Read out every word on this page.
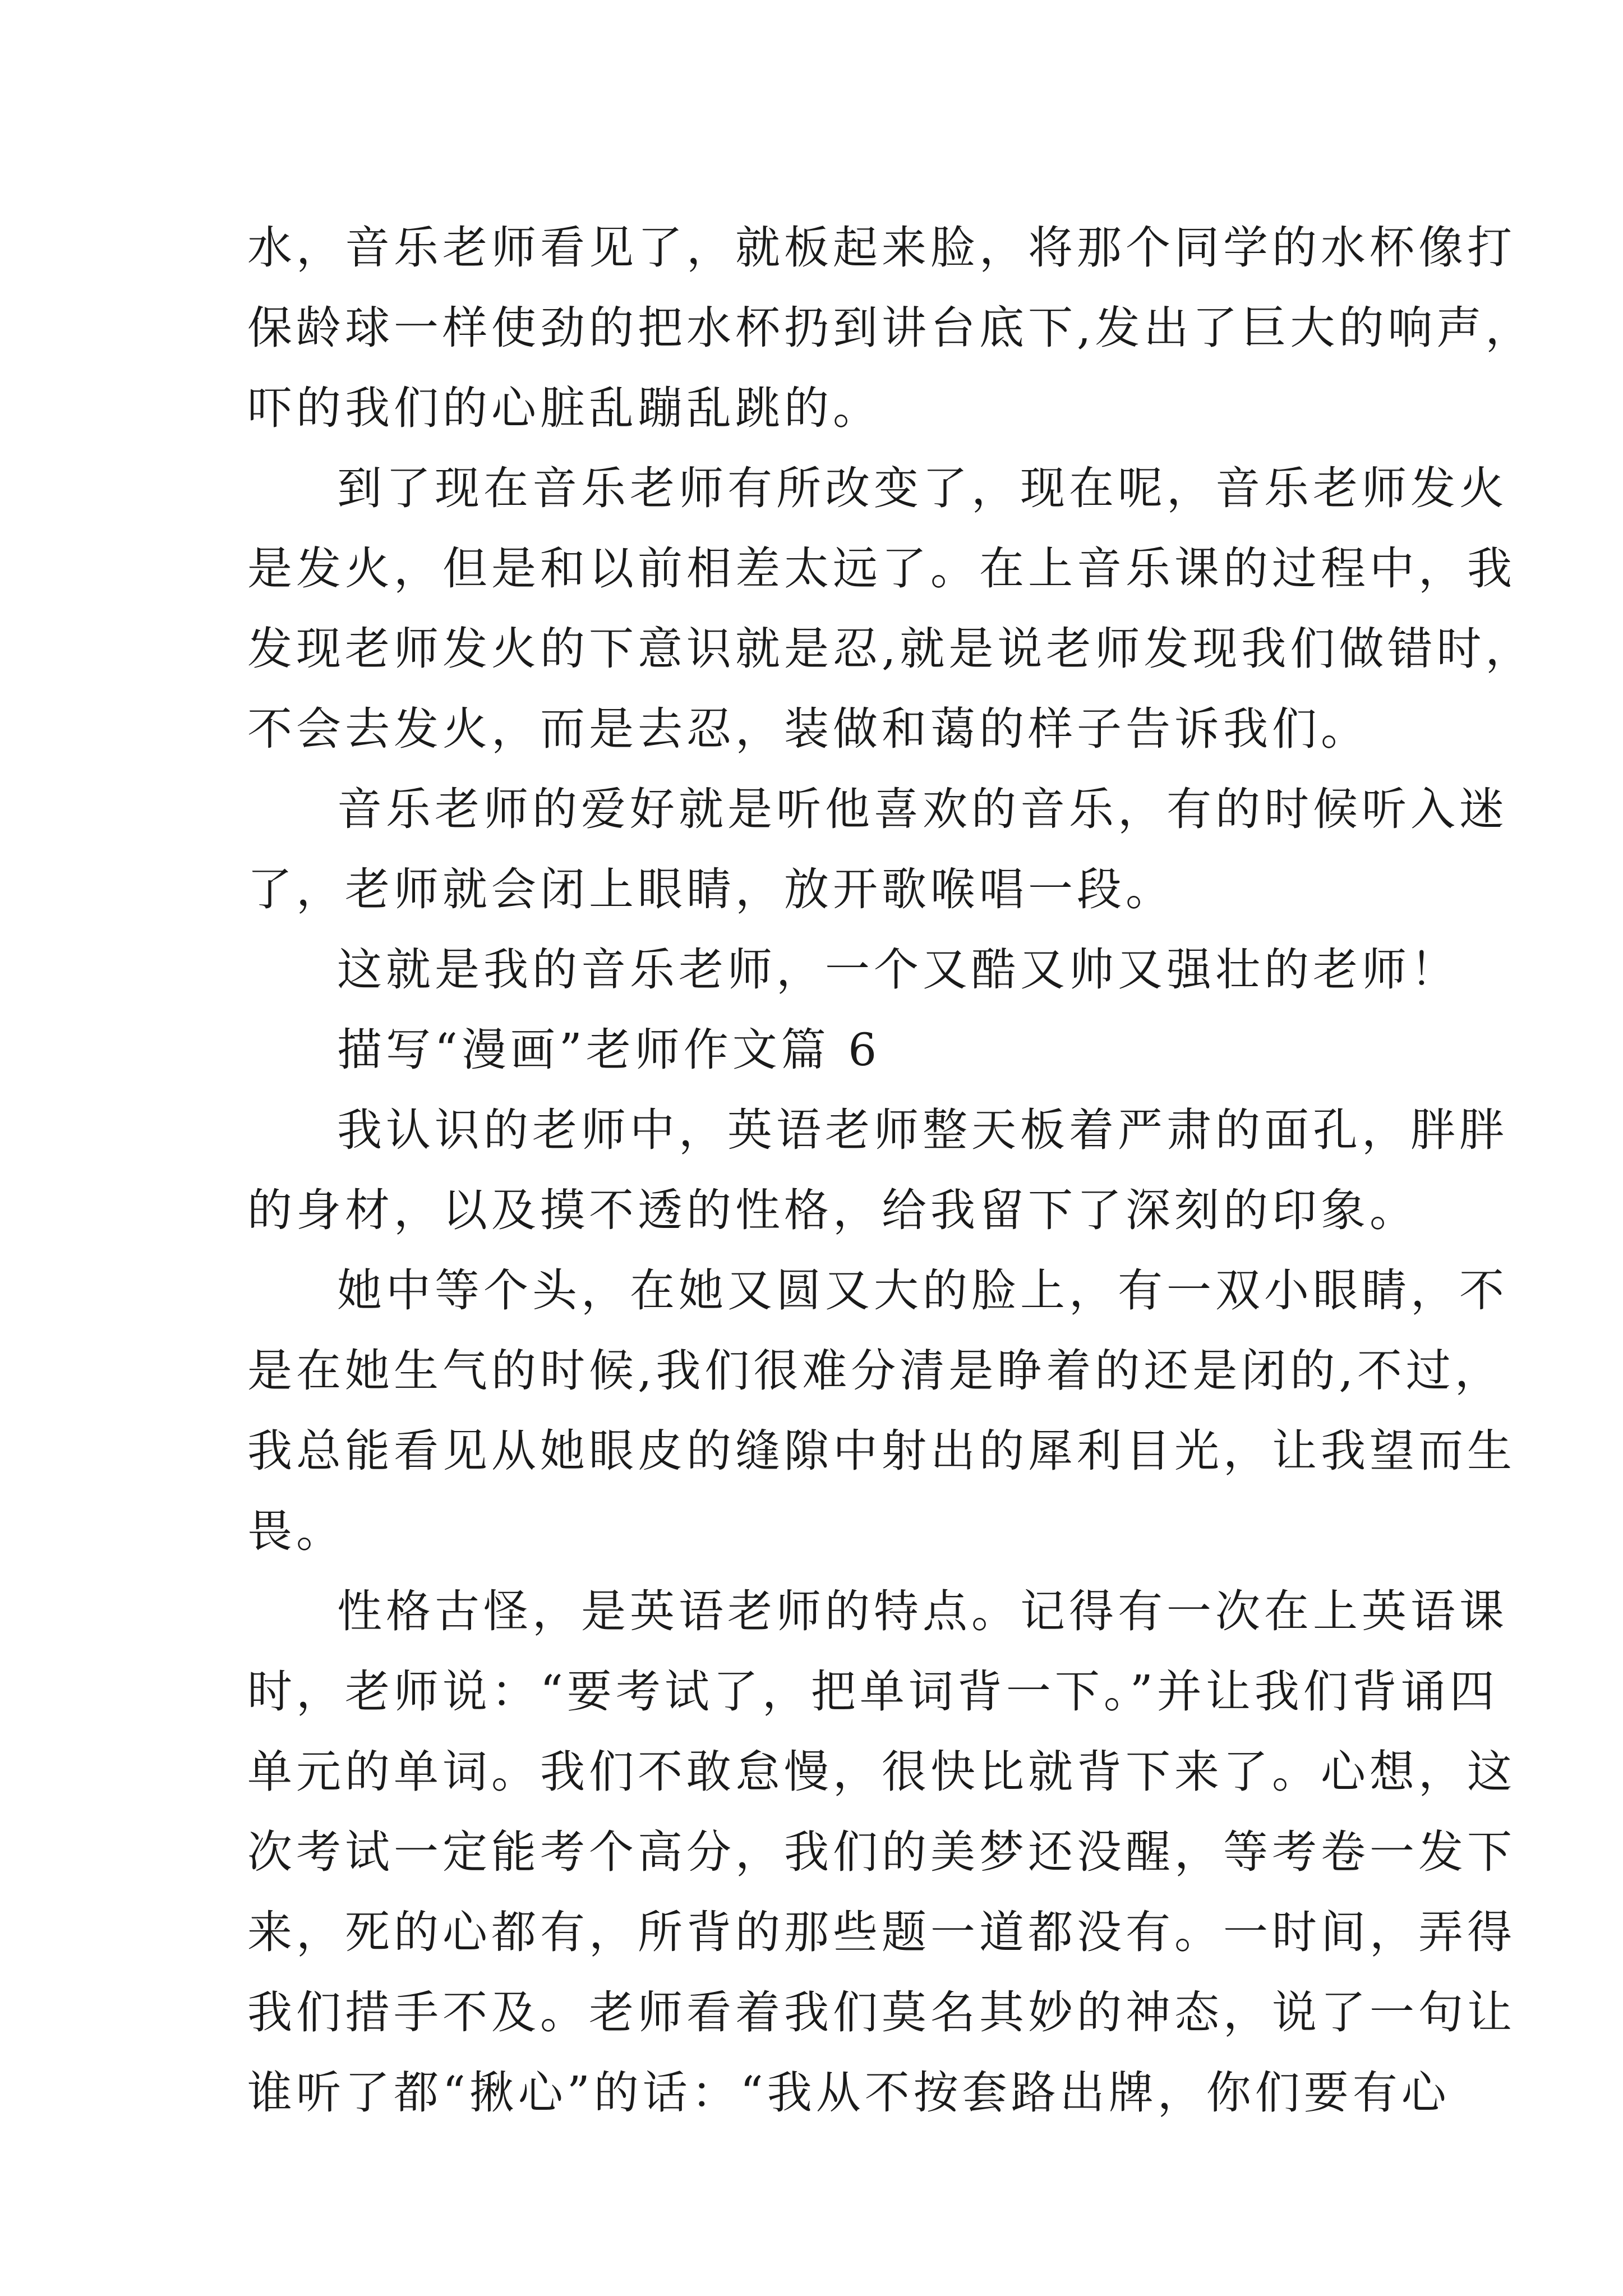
水，音乐老师看见了，就板起来脸，将那个同学的水杯像打
保龄球一样使劲的把水杯扔到讲台底下,发出了巨大的响声，
吓的我们的心脏乱蹦乱跳的。
到了现在音乐老师有所改变了，现在呢，音乐老师发火
是发火，但是和以前相差太远了。在上音乐课的过程中，我
发现老师发火的下意识就是忍,就是说老师发现我们做错时，
不会去发火，而是去忍，装做和蔼的样子告诉我们。
音乐老师的爱好就是听他喜欢的音乐，有的时候听入迷
了，老师就会闭上眼睛，放开歌喉唱一段。
这就是我的音乐老师，一个又酷又帅又强壮的老师！
描写“漫画”老师作文篇 6
我认识的老师中，英语老师整天板着严肃的面孔，胖胖
的身材，以及摸不透的性格，给我留下了深刻的印象。
她中等个头，在她又圆又大的脸上，有一双小眼睛，不
是在她生气的时候,我们很难分清是睁着的还是闭的,不过，
我总能看见从她眼皮的缝隙中射出的犀利目光，让我望而生
畏。
性格古怪，是英语老师的特点。记得有一次在上英语课
时，老师说：“要考试了，把单词背一下。”并让我们背诵四
单元的单词。我们不敢怠慢，很快比就背下来了。心想，这
次考试一定能考个高分，我们的美梦还没醒，等考卷一发下
来，死的心都有，所背的那些题一道都没有。一时间，弄得
我们措手不及。老师看着我们莫名其妙的神态，说了一句让
谁听了都“揪心”的话：“我从不按套路出牌，你们要有心
